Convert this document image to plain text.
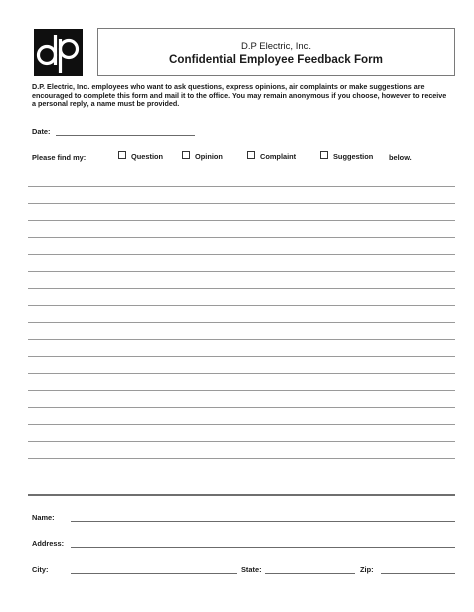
D.P Electric, Inc.
Confidential Employee Feedback Form

D.P. Electric, Inc. employees who want to ask questions, express opinions, air complaints or make suggestions are encouraged to complete this form and mail it to the office. You may remain anonymous if you choose, however to receive a personal reply, a name must be provided.

Date:
Please find my:	Question	Opinion	Complaint	Suggestion below.
Name:
Address:
City:	State:	Zip:
